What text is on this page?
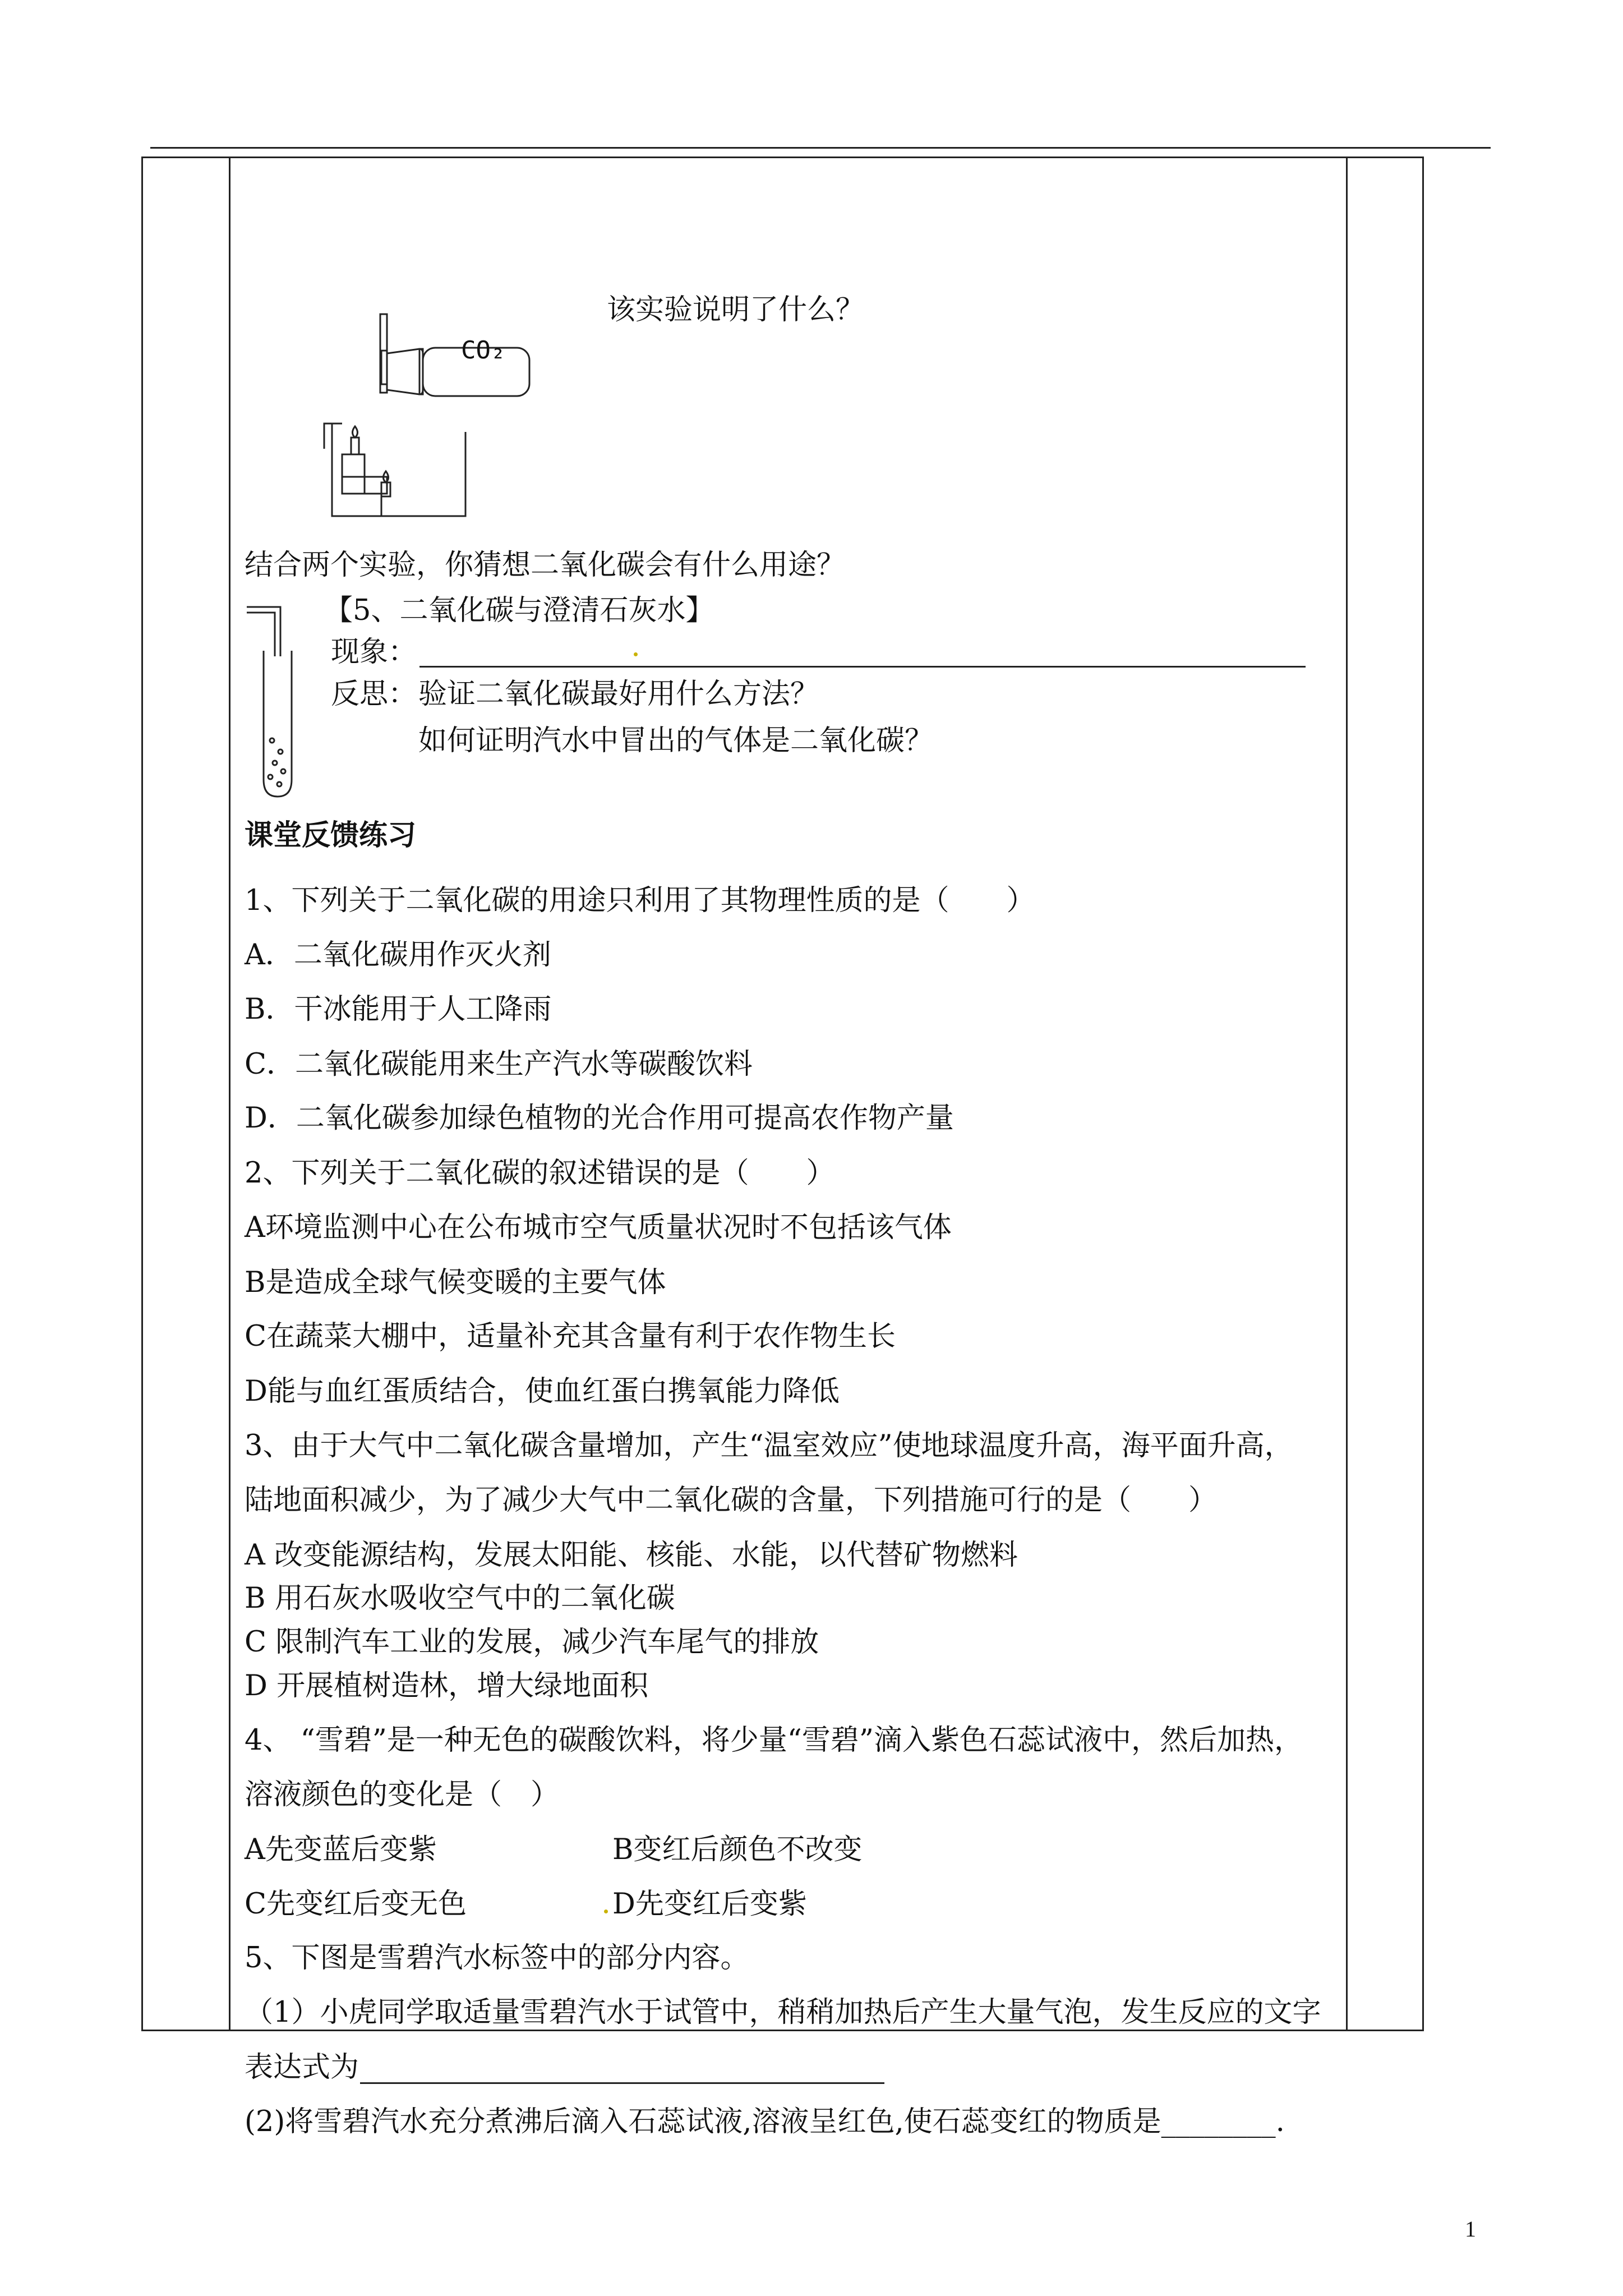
CO₂
该实验说明了什么？
结合两个实验，你猜想二氧化碳会有什么用途？
【5、二氧化碳与澄清石灰水】
现象：
反思： 验证二氧化碳最好用什么方法？
如何证明汽水中冒出的气体是二氧化碳？
课堂反馈练习
1、下列关于二氧化碳的用途只利用了其物理性质的是（　　）
A．二氧化碳用作灭火剂
B．干冰能用于人工降雨
C．二氧化碳能用来生产汽水等碳酸饮料
D．二氧化碳参加绿色植物的光合作用可提高农作物产量
2、下列关于二氧化碳的叙述错误的是（　　）
A环境监测中心在公布城市空气质量状况时不包括该气体
B是造成全球气候变暖的主要气体
C在蔬菜大棚中，适量补充其含量有利于农作物生长
D能与血红蛋质结合，使血红蛋白携氧能力降低
3、由于大气中二氧化碳含量增加，产生“温室效应”使地球温度升高，海平面升高，
陆地面积减少，为了减少大气中二氧化碳的含量，下列措施可行的是（　　）
A 改变能源结构，发展太阳能、核能、水能，以代替矿物燃料
B 用石灰水吸收空气中的二氧化碳
C 限制汽车工业的发展，减少汽车尾气的排放
D 开展植树造林，增大绿地面积
4、 “雪碧”是一种无色的碳酸饮料，将少量“雪碧”滴入紫色石蕊试液中，然后加热，
溶液颜色的变化是（　）
A先变蓝后变紫	B变红后颜色不改变
C先变红后变无色	D先变红后变紫
5、下图是雪碧汽水标签中的部分内容。
（1）小虎同学取适量雪碧汽水于试管中，稍稍加热后产生大量气泡，发生反应的文字
表达式为
(2)将雪碧汽水充分煮沸后滴入石蕊试液,溶液呈红色,使石蕊变红的物质是________.
1
